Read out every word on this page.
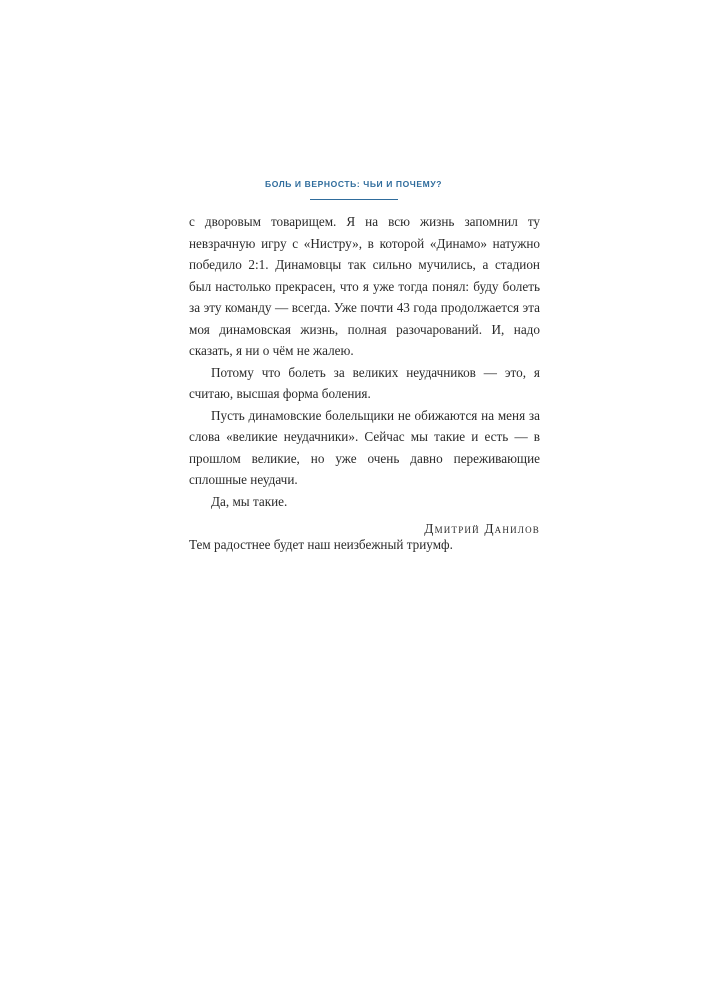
БОЛЬ И ВЕРНОСТЬ: ЧЬИ И ПОЧЕМУ?

с дворовым товарищем. Я на всю жизнь запомнил ту невзрачную игру с «Нистру», в которой «Динамо» натужно победило 2:1. Динамовцы так сильно мучились, а стадион был настолько прекрасен, что я уже тогда понял: буду болеть за эту команду — всегда. Уже почти 43 года продолжается эта моя динамовская жизнь, полная разочарований. И, надо сказать, я ни о чём не жалею.

Потому что болеть за великих неудачников — это, я считаю, высшая форма боления.

Пусть динамовские болельщики не обижаются на меня за слова «великие неудачники». Сейчас мы такие и есть — в прошлом великие, но уже очень давно переживающие сплошные неудачи.

Да, мы такие.

Тем радостнее будет наш неизбежный триумф.

Дмитрий Данилов
